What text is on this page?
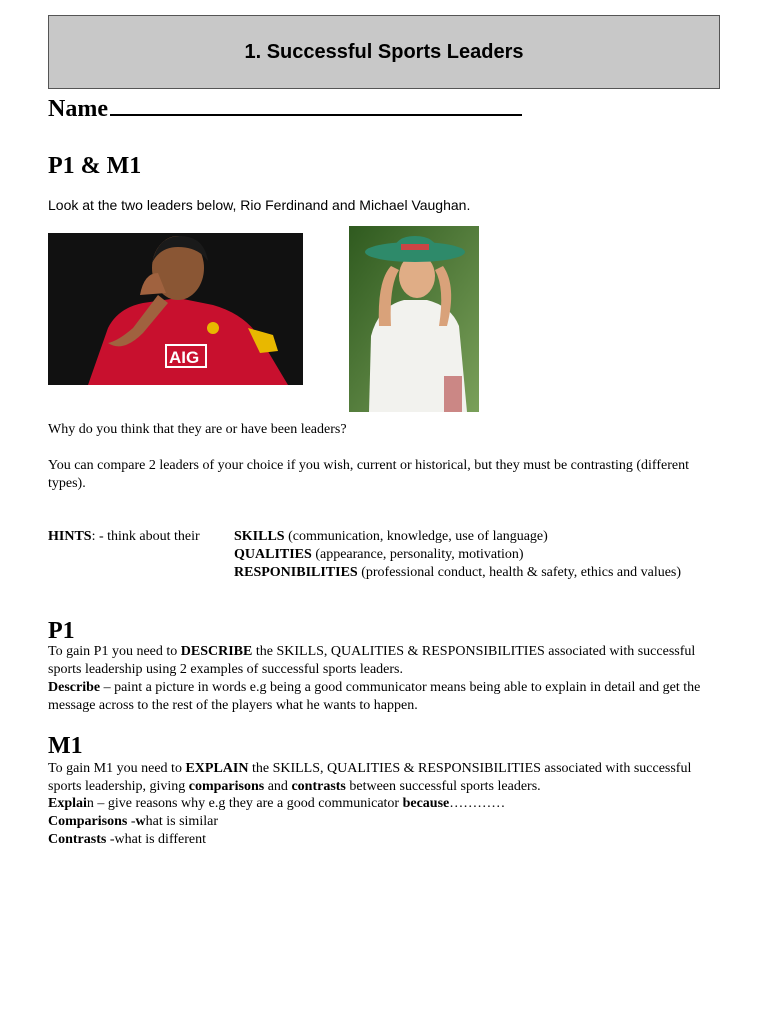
1. Successful Sports Leaders
Name
P1 & M1
Look at the two leaders below, Rio Ferdinand and Michael Vaughan.
AIG

Why do you think that they are or have been leaders?

You can compare 2 leaders of your choice if you wish, current or historical, but they must be contrasting (different types).

HINTS: - think about their SKILLS (communication, knowledge, use of language)
QUALITIES (appearance, personality, motivation)
RESPONIBILITIES (professional conduct, health & safety, ethics and values)
P1

To gain P1 you need to DESCRIBE the SKILLS, QUALITIES & RESPONSIBILITIES associated with successful sports leadership using 2 examples of successful sports leaders.

Describe – paint a picture in words e.g being a good communicator means being able to explain in detail and get the message across to the rest of the players what he wants to happen.

M1

To gain M1 you need to EXPLAIN the SKILLS, QUALITIES & RESPONSIBILITIES associated with successful sports leadership, giving comparisons and contrasts between successful sports leaders.

Explain – give reasons why e.g they are a good communicator because…………

Comparisons -what is similar

Contrasts -what is different
